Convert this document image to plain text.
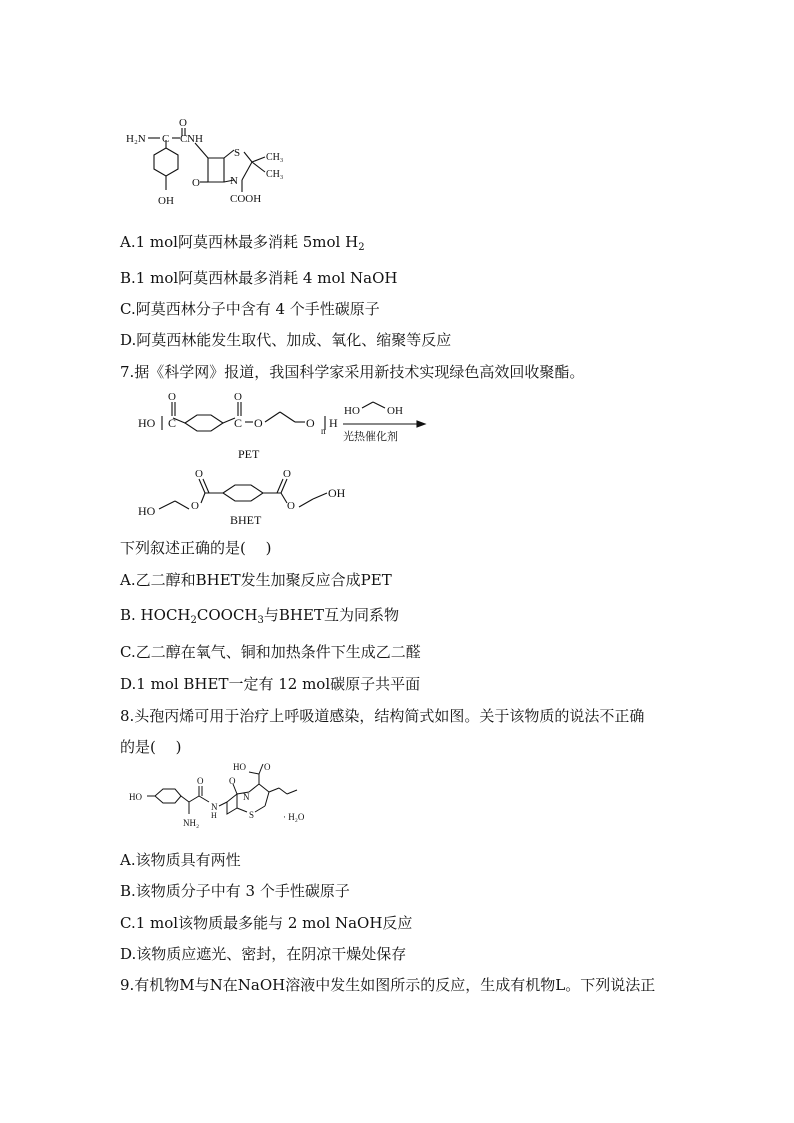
H₂N C
O
C NH
S
N
O
CH₃
CH₃
COOH
OH
A.1 mol阿莫西林最多消耗 5mol $H_2$
B.1 mol阿莫西林最多消耗 4 mol NaOH
C.阿莫西林分子中含有 4 个手性碳原子
D.阿莫西林能发生取代、加成、氧化、缩聚等反应
7.据《科学网》报道，我国科学家采用新技术实现绿色高效回收聚酯。
HO
O
C
O
C O	O
n
H
HO OH
光热催化剂
PET
HO	O
O	O
O
OH
BHET
下列叙述正确的是(　 )
A.乙二醇和BHET发生加聚反应合成PET
B. $HOCH_2COOCH_3$与BHET互为同系物
C.乙二醇在氧气、铜和加热条件下生成乙二醛
D.1 mol BHET一定有 12 mol碳原子共平面
8.头孢丙烯可用于治疗上呼吸道感染，结构简式如图。关于该物质的说法不正确
的是(　 )
HO
HO O
O	O
N
H
NH₂
N
S	· H₂O
A.该物质具有两性
B.该物质分子中有 3 个手性碳原子
C.1 mol该物质最多能与 2 mol NaOH反应
D.该物质应遮光、密封，在阴凉干燥处保存
9.有机物M与N在NaOH溶液中发生如图所示的反应，生成有机物L。下列说法正
